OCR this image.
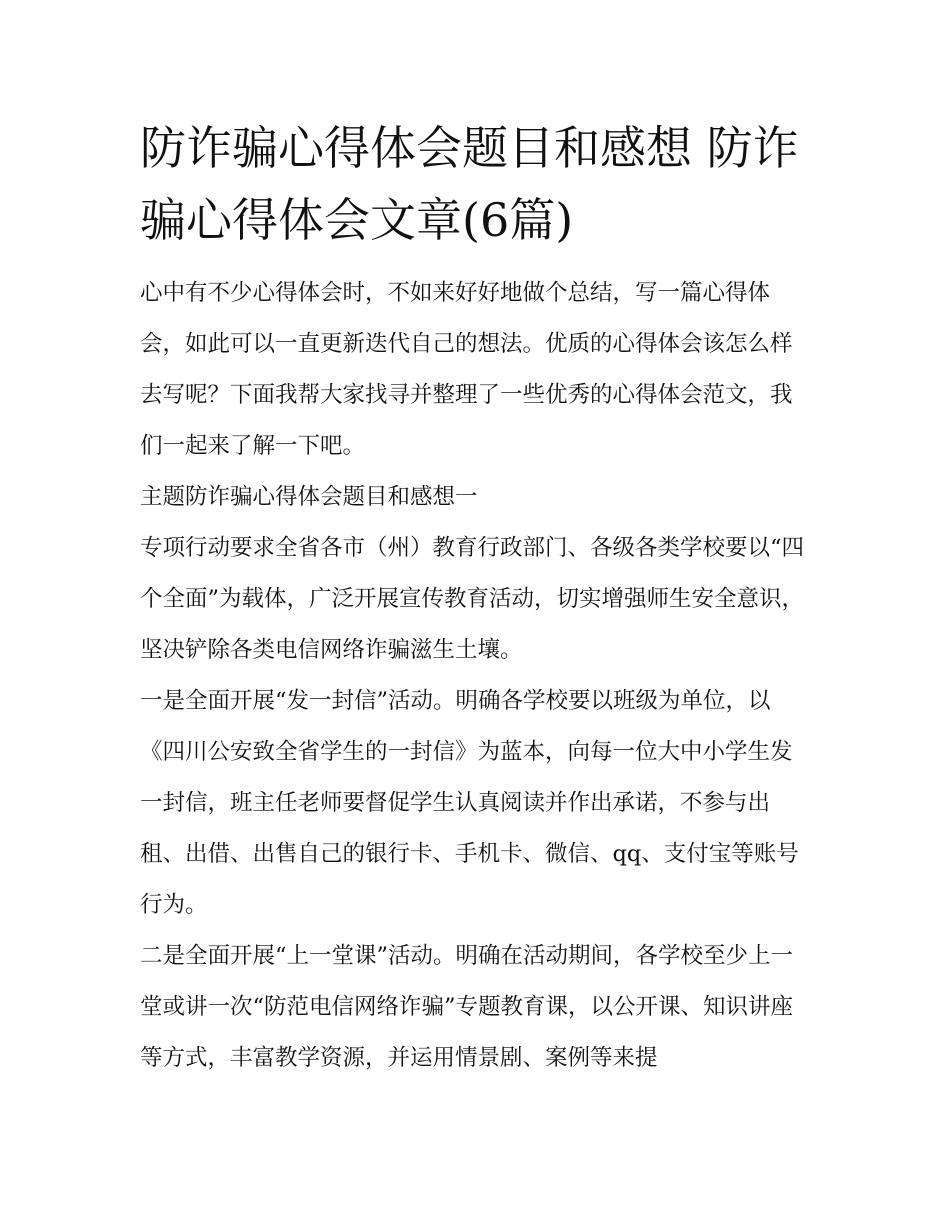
防诈骗心得体会题目和感想 防诈骗心得体会文章(6篇)

心中有不少心得体会时，不如来好好地做个总结，写一篇心得体会，如此可以一直更新迭代自己的想法。优质的心得体会该怎么样去写呢？下面我帮大家找寻并整理了一些优秀的心得体会范文，我们一起来了解一下吧。

主题防诈骗心得体会题目和感想一

专项行动要求全省各市（州）教育行政部门、各级各类学校要以“四个全面”为载体，广泛开展宣传教育活动，切实增强师生安全意识，坚决铲除各类电信网络诈骗滋生土壤。

一是全面开展“发一封信”活动。明确各学校要以班级为单位，以《四川公安致全省学生的一封信》为蓝本，向每一位大中小学生发一封信，班主任老师要督促学生认真阅读并作出承诺，不参与出租、出借、出售自己的银行卡、手机卡、微信、qq、支付宝等账号行为。

二是全面开展“上一堂课”活动。明确在活动期间，各学校至少上一堂或讲一次“防范电信网络诈骗”专题教育课，以公开课、知识讲座等方式，丰富教学资源，并运用情景剧、案例等来提
